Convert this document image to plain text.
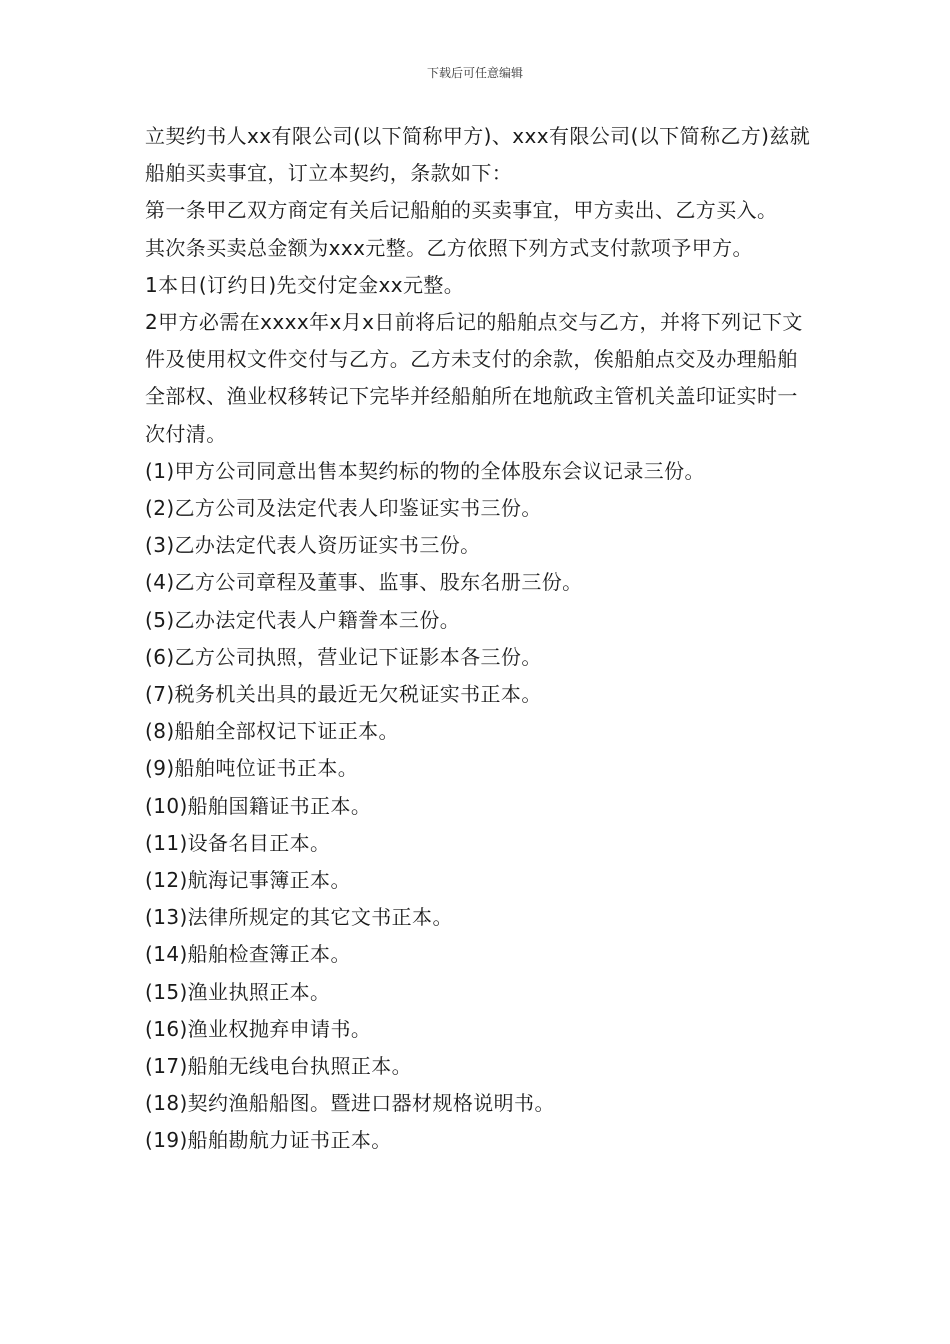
下载后可任意编辑

立契约书人xx有限公司(以下简称甲方)、xxx有限公司(以下简称乙方)兹就船舶买卖事宜，订立本契约，条款如下：

第一条甲乙双方商定有关后记船舶的买卖事宜，甲方卖出、乙方买入。

其次条买卖总金额为xxx元整。乙方依照下列方式支付款项予甲方。

1本日(订约日)先交付定金xx元整。

2甲方必需在xxxx年x月x日前将后记的船舶点交与乙方，并将下列记下文件及使用权文件交付与乙方。乙方未支付的余款，俟船舶点交及办理船舶全部权、渔业权移转记下完毕并经船舶所在地航政主管机关盖印证实时一次付清。

(1)甲方公司同意出售本契约标的物的全体股东会议记录三份。

(2)乙方公司及法定代表人印鉴证实书三份。

(3)乙办法定代表人资历证实书三份。

(4)乙方公司章程及董事、监事、股东名册三份。

(5)乙办法定代表人户籍誊本三份。

(6)乙方公司执照，营业记下证影本各三份。

(7)税务机关出具的最近无欠税证实书正本。

(8)船舶全部权记下证正本。

(9)船舶吨位证书正本。

(10)船舶国籍证书正本。

(11)设备名目正本。

(12)航海记事簿正本。

(13)法律所规定的其它文书正本。

(14)船舶检查簿正本。

(15)渔业执照正本。

(16)渔业权抛弃申请书。

(17)船舶无线电台执照正本。

(18)契约渔船船图。暨进口器材规格说明书。

(19)船舶勘航力证书正本。
